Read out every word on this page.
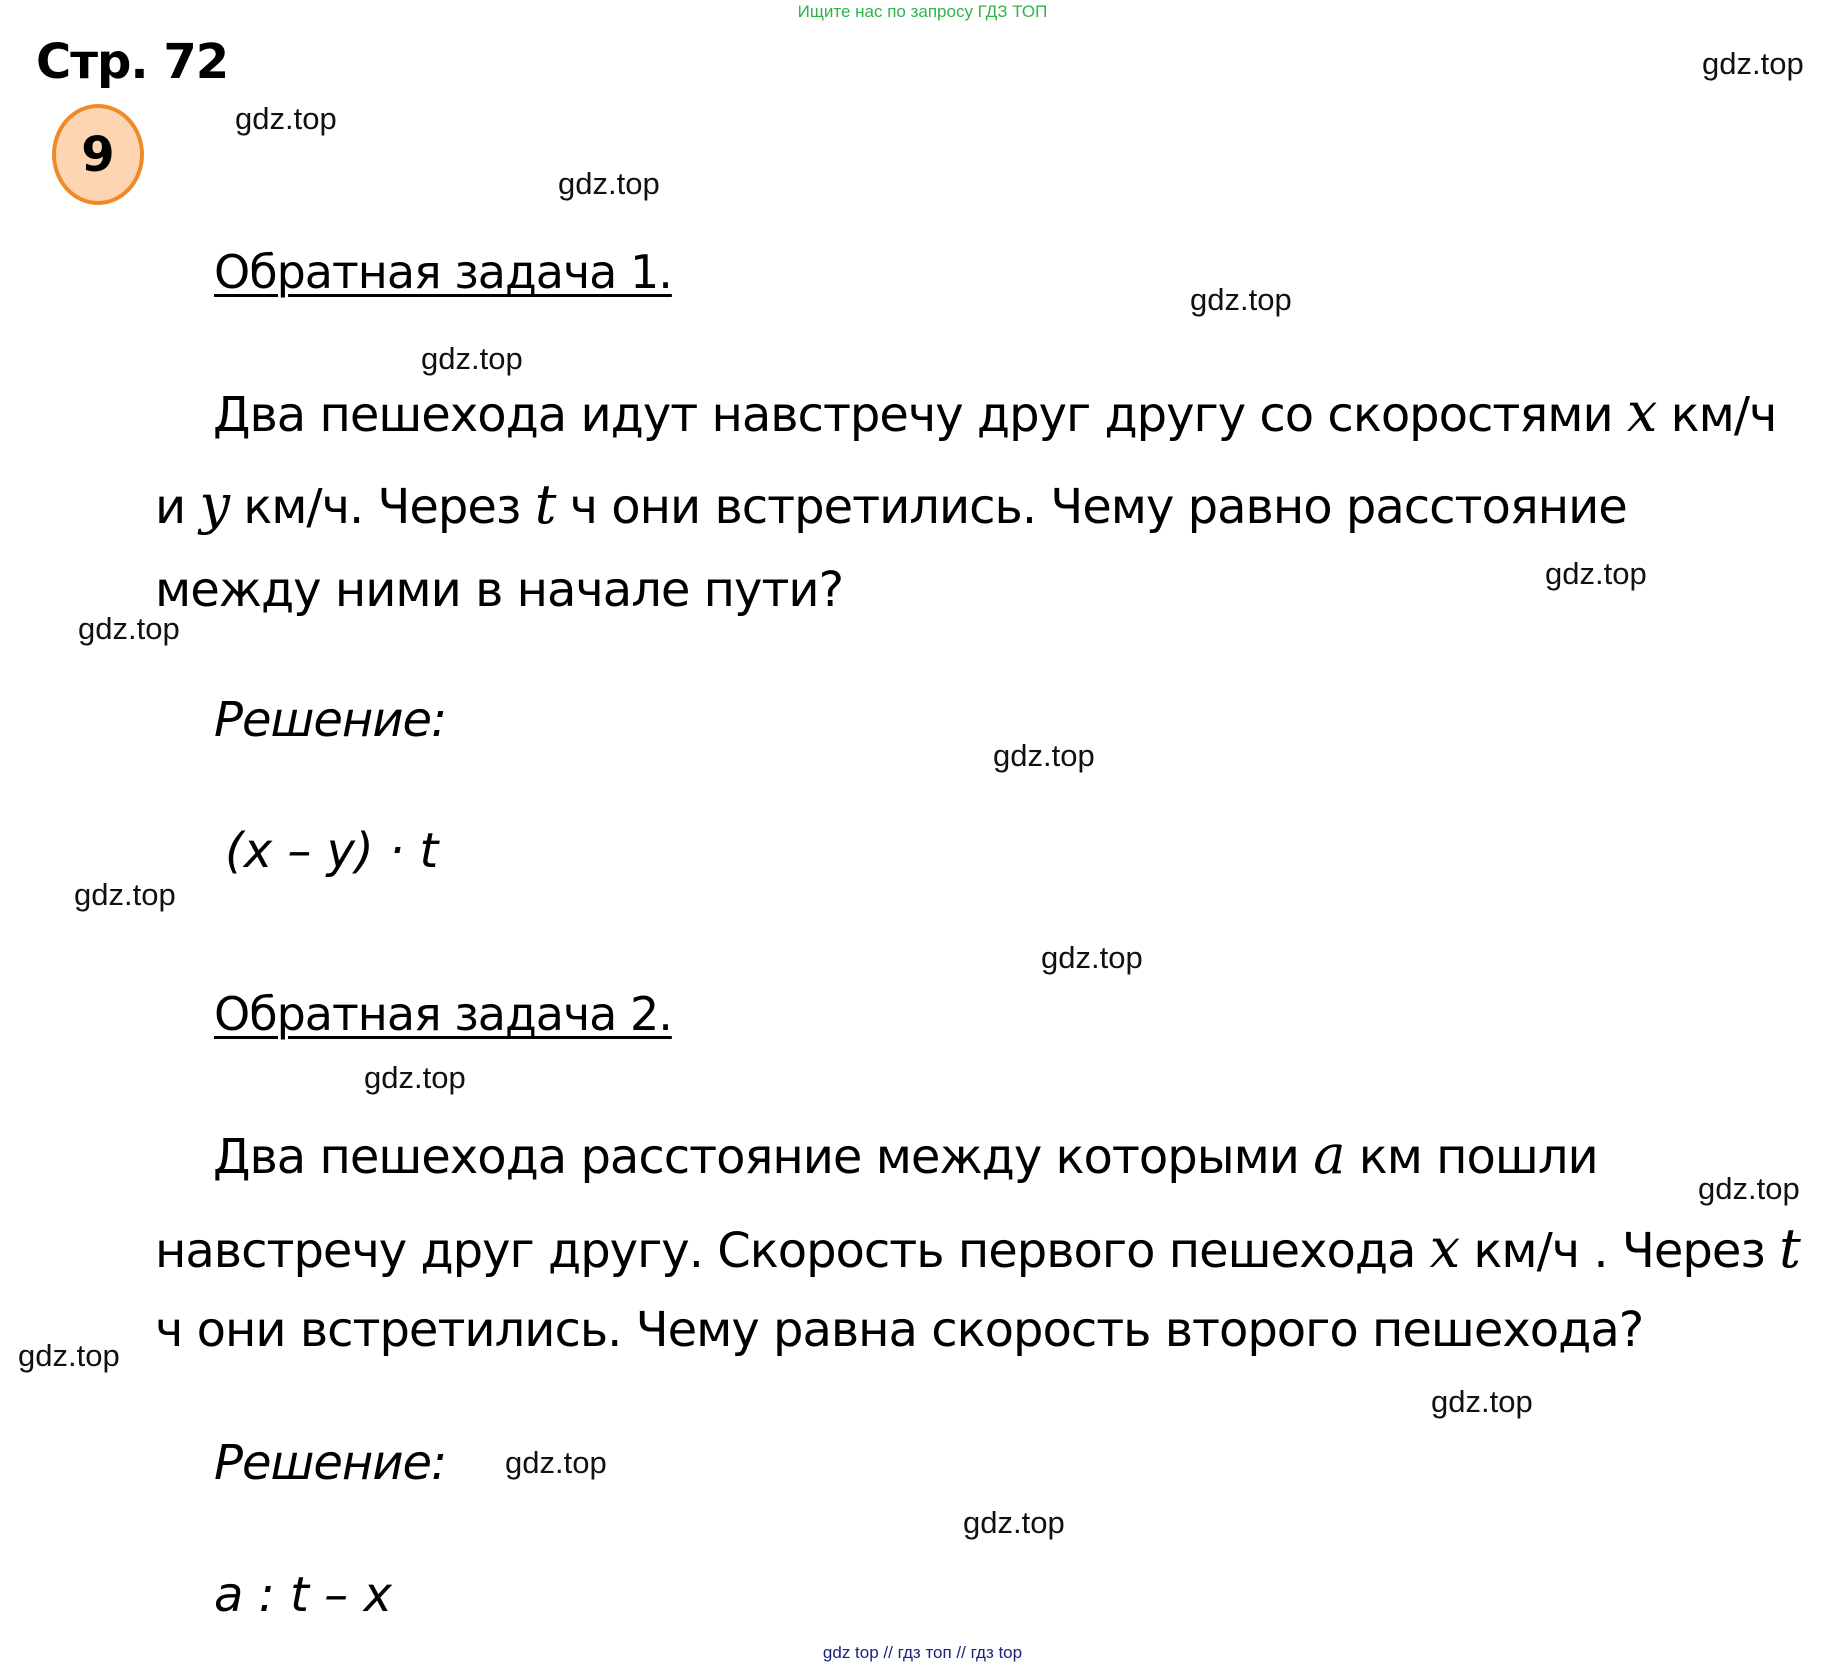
Ищите нас по запросу ГДЗ ТОП
Стр. 72
9
Обратная задача 1.
Два пешехода идут навстречу друг другу со скоростями x км/ч
и y км/ч. Через t ч они встретились. Чему равно расстояние
между ними в начале пути?
Решение:
(x – y) · t
Обратная задача 2.
Два пешехода расстояние между которыми a км пошли
навстречу друг другу. Скорость первого пешехода x км/ч . Через t
ч они встретились. Чему равна скорость второго пешехода?
Решение:
a : t – x
gdz.top
gdz.top
gdz.top
gdz.top
gdz.top
gdz.top
gdz.top
gdz.top
gdz.top
gdz.top
gdz.top
gdz.top
gdz.top
gdz.top
gdz.top
gdz.top
gdz top // гдз топ // гдз top
